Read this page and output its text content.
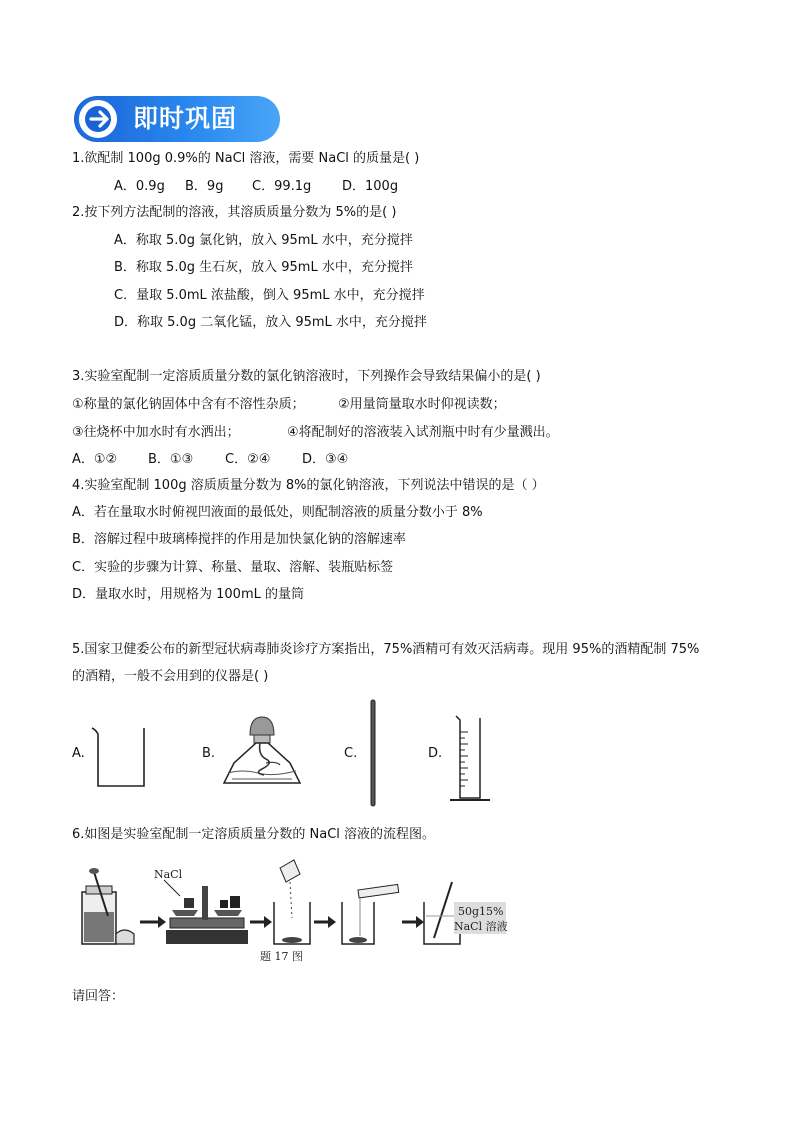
即时巩固
1.欲配制 100g 0.9%的 NaCl 溶液，需要 NaCl 的质量是( )
A．0.9g B．9g C．99.1g D．100g
2.按下列方法配制的溶液，其溶质质量分数为 5%的是( )
A．称取 5.0g 氯化钠，放入 95mL 水中，充分搅拌
B．称取 5.0g 生石灰，放入 95mL 水中，充分搅拌
C．量取 5.0mL 浓盐酸，倒入 95mL 水中，充分搅拌
D．称取 5.0g 二氧化锰，放入 95mL 水中，充分搅拌
3.实验室配制一定溶质质量分数的氯化钠溶液时，下列操作会导致结果偏小的是( )
①称量的氯化钠固体中含有不溶性杂质；	②用量筒量取水时仰视读数；
③往烧杯中加水时有水洒出；	④将配制好的溶液装入试剂瓶中时有少量溅出。
A．①② B．①③ C．②④ D．③④
4.实验室配制 100g 溶质质量分数为 8%的氯化钠溶液，下列说法中错误的是（ ）
A．若在量取水时俯视凹液面的最低处，则配制溶液的质量分数小于 8%
B．溶解过程中玻璃棒搅拌的作用是加快氯化钠的溶解速率
C．实验的步骤为计算、称量、量取、溶解、装瓶贴标签
D．量取水时，用规格为 100mL 的量筒
5.国家卫健委公布的新型冠状病毒肺炎诊疗方案指出，75%酒精可有效灭活病毒。现用 95%的酒精配制 75%
的酒精，一般不会用到的仪器是( )
A.	B.	C.	D.
6.如图是实验室配制一定溶质质量分数的 NaCl 溶液的流程图。
NaCl
50g15%
NaCl 溶液
题 17 图
请回答：
